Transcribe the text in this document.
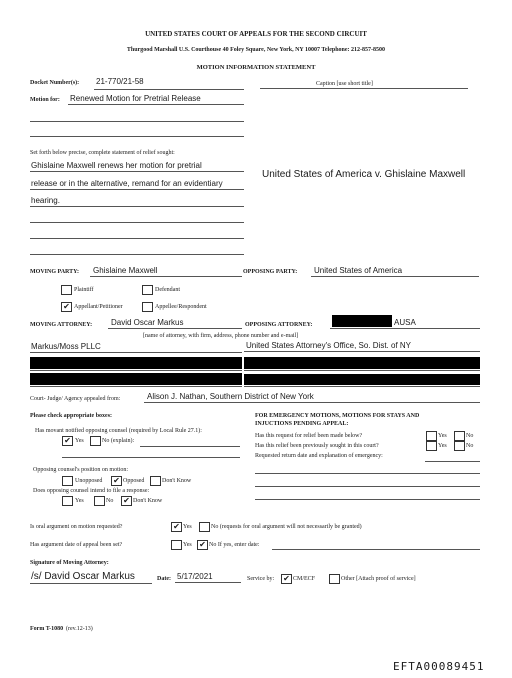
UNITED STATES COURT OF APPEALS FOR THE SECOND CIRCUIT
Thurgood Marshall U.S. Courthouse 40 Foley Square, New York, NY 10007 Telephone: 212-857-8500
MOTION INFORMATION STATEMENT
Docket Number(s): 21-770/21-58	Caption [use short title]
Motion for: Renewed Motion for Pretrial Release
Set forth below precise, complete statement of relief sought:
Ghislaine Maxwell renews her motion for pretrial
release or in the alternative, remand for an evidentiary
hearing.
United States of America v. Ghislaine Maxwell
MOVING PARTY: Ghislaine Maxwell	OPPOSING PARTY: United States of America
Plaintiff	Defendant
✔ Appellant/Petitioner	Appellee/Respondent
MOVING ATTORNEY: David Oscar Markus	OPPOSING ATTORNEY:	AUSA
[name of attorney, with firm, address, phone number and e-mail]
Markus/Moss PLLC	United States Attorney's Office, So. Dist. of NY
Court- Judge/ Agency appealed from:	Alison J. Nathan, Southern District of New York
Please check appropriate boxes:
Has movant notified opposing counsel (required by Local Rule 27.1):
✔ Yes	No (explain):
Opposing counsel's position on motion:
Unopposed ✔ Opposed	Don't Know
Does opposing counsel intend to file a response:
Yes	No ✔ Don't Know
FOR EMERGENCY MOTIONS, MOTIONS FOR STAYS AND
INJUCTIONS PENDING APPEAL:
Has this request for relief been made below?	Yes	No
Has this relief been previously sought in this court?	Yes	No
Requested return date and explanation of emergency:
Is oral argument on motion requested?	✔ Yes	No (requests for oral argument will not necessarily be granted)
Has argument date of appeal been set?	Yes ✔ No If yes, enter date:
Signature of Moving Attorney:
/s/ David Oscar Markus	Date: 5/17/2021	Service by: ✔ CM/ECF	Other [Attach proof of service]
Form T-1080 (rev.12-13)
EFTA00089451
